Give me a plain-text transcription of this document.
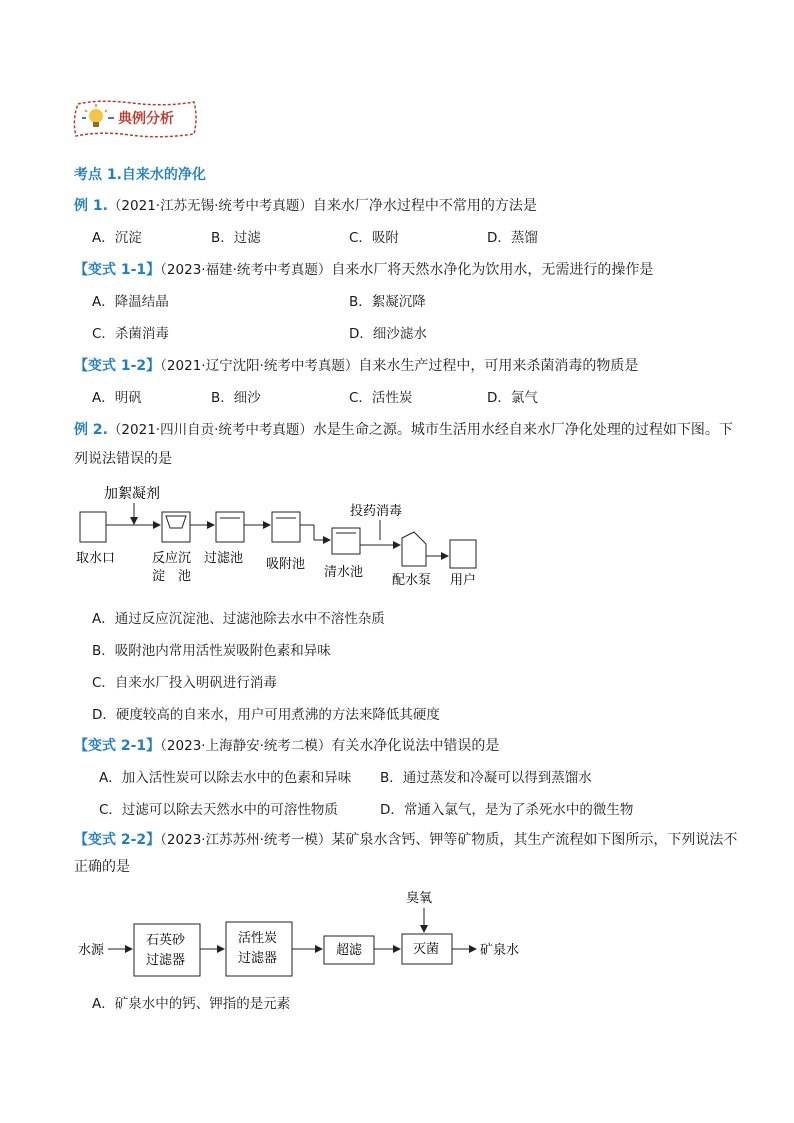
典例分析
考点 1.自来水的净化
例 1.（2021·江苏无锡·统考中考真题）自来水厂净水过程中不常用的方法是
A．沉淀	B．过滤	C．吸附	D．蒸馏
【变式 1-1】（2023·福建·统考中考真题）自来水厂将天然水净化为饮用水，无需进行的操作是
A．降温结晶	B．絮凝沉降
C．杀菌消毒	D．细沙滤水
【变式 1-2】（2021·辽宁沈阳·统考中考真题）自来水生产过程中，可用来杀菌消毒的物质是
A．明矾	B．细沙	C．活性炭	D．氯气
例 2.（2021·四川自贡·统考中考真题）水是生命之源。城市生活用水经自来水厂净化处理的过程如下图。下
列说法错误的是
加絮凝剂
取水口	反应沉
淀　池
过滤池 吸附池
清水池
投药消毒
配水泵 用户
A．通过反应沉淀池、过滤池除去水中不溶性杂质
B．吸附池内常用活性炭吸附色素和异味
C．自来水厂投入明矾进行消毒
D．硬度较高的自来水，用户可用煮沸的方法来降低其硬度
【变式 2-1】（2023·上海静安·统考二模）有关水净化说法中错误的是
A．加入活性炭可以除去水中的色素和异味 B．通过蒸发和冷凝可以得到蒸馏水
C．过滤可以除去天然水中的可溶性物质	D．常通入氯气，是为了杀死水中的微生物
【变式 2-2】（2023·江苏苏州·统考一模）某矿泉水含钙、钾等矿物质，其生产流程如下图所示，下列说法不
正确的是
水源
石英砂
过滤器
活性炭
过滤器
超滤
臭氧
灭菌	矿泉水
A．矿泉水中的钙、钾指的是元素
